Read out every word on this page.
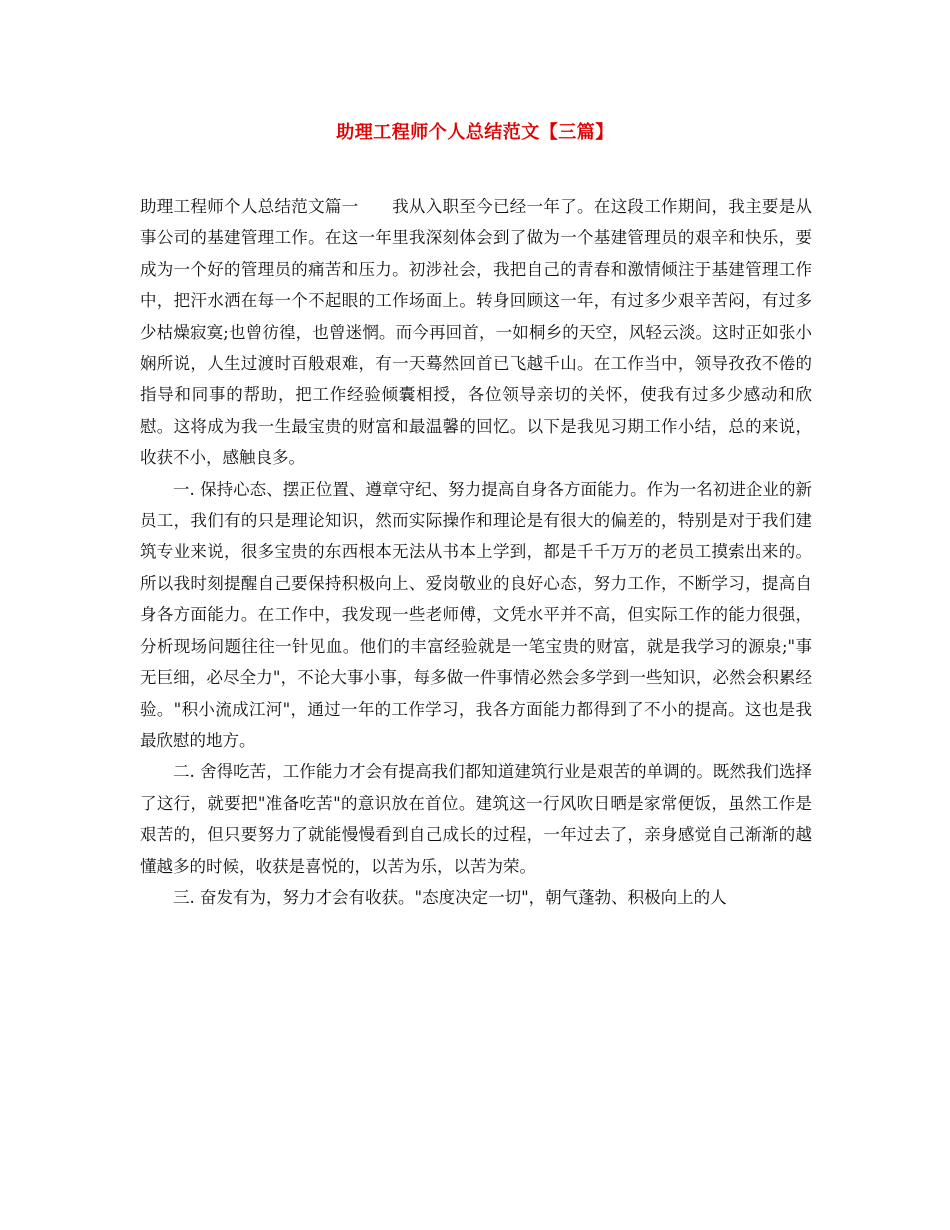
助理工程师个人总结范文【三篇】

助理工程师个人总结范文篇一　　我从入职至今已经一年了。在这段工作期间，我主要是从事公司的基建管理工作。在这一年里我深刻体会到了做为一个基建管理员的艰辛和快乐，要成为一个好的管理员的痛苦和压力。初涉社会，我把自己的青春和激情倾注于基建管理工作中，把汗水洒在每一个不起眼的工作场面上。转身回顾这一年，有过多少艰辛苦闷，有过多少枯燥寂寞;也曾彷徨，也曾迷惘。而今再回首，一如桐乡的天空，风轻云淡。这时正如张小娴所说，人生过渡时百般艰难，有一天蓦然回首已飞越千山。在工作当中，领导孜孜不倦的指导和同事的帮助，把工作经验倾囊相授，各位领导亲切的关怀，使我有过多少感动和欣慰。这将成为我一生最宝贵的财富和最温馨的回忆。以下是我见习期工作小结，总的来说，收获不小，感触良多。

一. 保持心态、摆正位置、遵章守纪、努力提高自身各方面能力。作为一名初进企业的新员工，我们有的只是理论知识，然而实际操作和理论是有很大的偏差的，特别是对于我们建筑专业来说，很多宝贵的东西根本无法从书本上学到，都是千千万万的老员工摸索出来的。所以我时刻提醒自己要保持积极向上、爱岗敬业的良好心态，努力工作，不断学习，提高自身各方面能力。在工作中，我发现一些老师傅，文凭水平并不高，但实际工作的能力很强，分析现场问题往往一针见血。他们的丰富经验就是一笔宝贵的财富，就是我学习的源泉;"事无巨细，必尽全力"，不论大事小事，每多做一件事情必然会多学到一些知识，必然会积累经验。"积小流成江河"，通过一年的工作学习，我各方面能力都得到了不小的提高。这也是我最欣慰的地方。

二. 舍得吃苦，工作能力才会有提高我们都知道建筑行业是艰苦的单调的。既然我们选择了这行，就要把"准备吃苦"的意识放在首位。建筑这一行风吹日晒是家常便饭，虽然工作是艰苦的，但只要努力了就能慢慢看到自己成长的过程，一年过去了，亲身感觉自己渐渐的越懂越多的时候，收获是喜悦的，以苦为乐，以苦为荣。

三. 奋发有为，努力才会有收获。"态度决定一切"，朝气蓬勃、积极向上的人
